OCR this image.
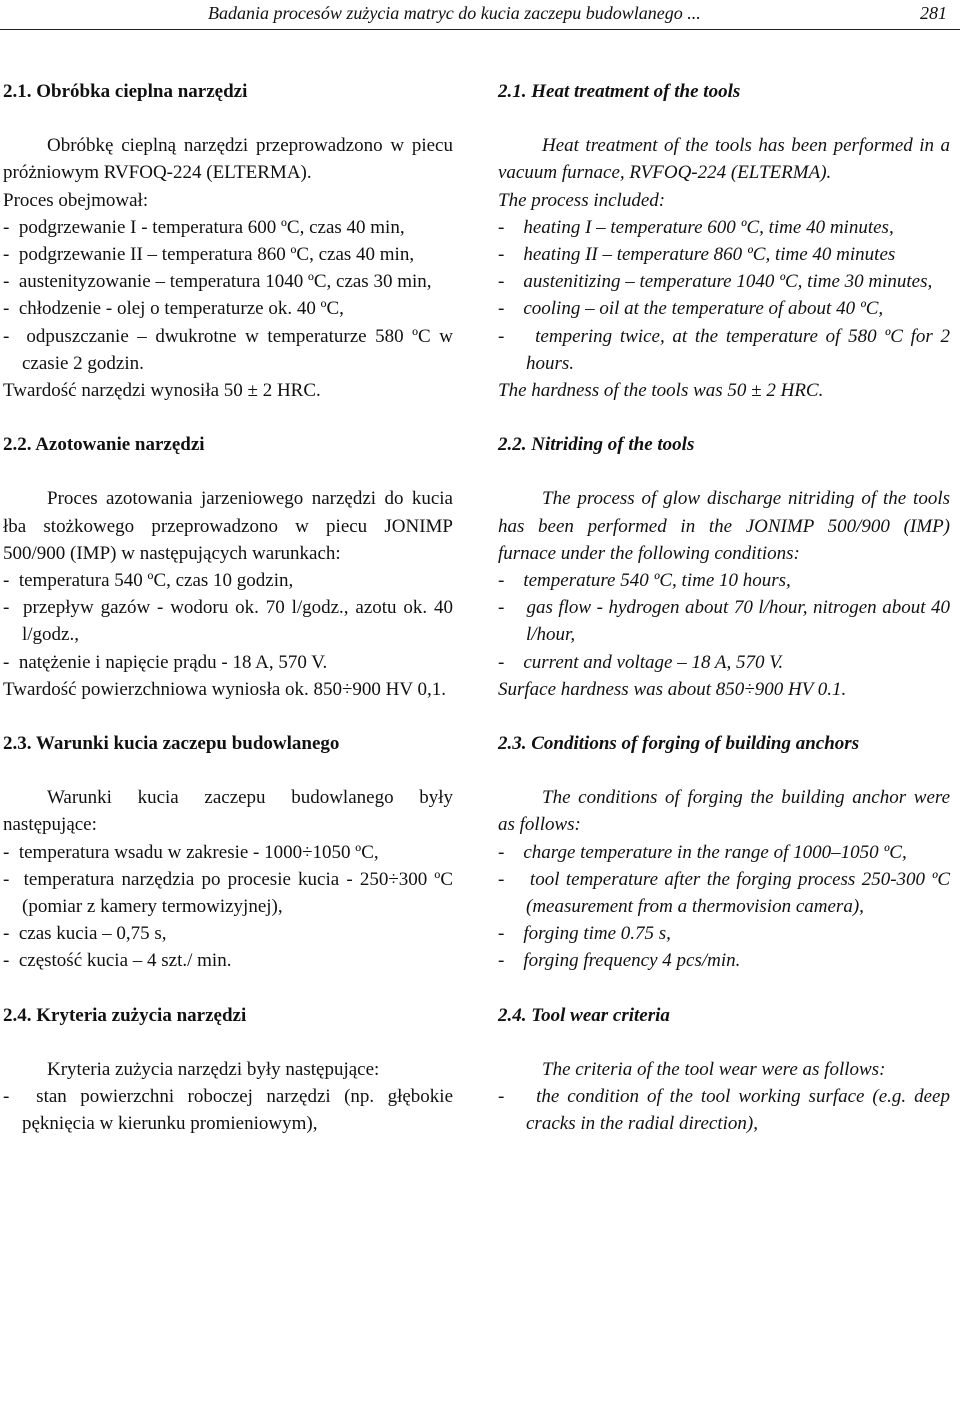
Badania procesów zużycia matryc do kucia zaczepu budowlanego ...	281

2.1. Obróbka cieplna narzędzi

Obróbkę cieplną narzędzi przeprowadzono w piecu próżniowym RVFOQ-224 (ELTERMA).

Proces obejmował:

-  podgrzewanie I - temperatura 600 ºC, czas 40 min,
-  podgrzewanie II – temperatura 860 ºC, czas 40 min,
-  austenityzowanie – temperatura 1040 ºC, czas 30 min,
-  chłodzenie - olej o temperaturze ok. 40 ºC,
-  odpuszczanie – dwukrotne w temperaturze 580 ºC w czasie 2 godzin.

Twardość narzędzi wynosiła 50 ± 2 HRC.

2.2. Azotowanie narzędzi

Proces azotowania jarzeniowego narzędzi do kucia łba stożkowego przeprowadzono w piecu JONIMP 500/900 (IMP) w następujących warunkach:

-  temperatura 540 ºC, czas 10 godzin,
-  przepływ gazów - wodoru ok. 70 l/godz., azotu ok. 40 l/godz.,
-  natężenie i napięcie prądu - 18 A, 570 V.

Twardość powierzchniowa wyniosła ok. 850÷900 HV 0,1.

2.3. Warunki kucia zaczepu budowlanego

Warunki kucia zaczepu budowlanego były następujące:

-  temperatura wsadu w zakresie - 1000÷1050 ºC,
-  temperatura narzędzia po procesie kucia - 250÷300 ºC (pomiar z kamery termowizyjnej),
-  czas kucia – 0,75 s,
-  częstość kucia – 4 szt./ min.

2.4. Kryteria zużycia narzędzi

Kryteria zużycia narzędzi były następujące:

-  stan powierzchni roboczej narzędzi (np. głębokie pęknięcia w kierunku promieniowym),

2.1. Heat treatment of the tools

Heat treatment of the tools has been performed in a vacuum furnace, RVFOQ-224 (ELTERMA).

The process included:

-    heating I – temperature 600 ºC, time 40 minutes,
-    heating II – temperature 860 ºC, time 40 minutes
-    austenitizing – temperature 1040 ºC, time 30 minutes,
-    cooling – oil at the temperature of about 40 ºC,
-    tempering twice, at the temperature of 580 ºC for 2 hours.

The hardness of the tools was 50 ± 2 HRC.

2.2. Nitriding of the tools

The process of glow discharge nitriding of the tools has been performed in the JONIMP 500/900 (IMP) furnace under the following conditions:

-    temperature 540 ºC, time 10 hours,
-    gas flow - hydrogen about 70 l/hour, nitrogen about 40 l/hour,
-    current and voltage – 18 A, 570 V.

Surface hardness was about 850÷900 HV 0.1.

2.3. Conditions of forging of building anchors

The conditions of forging the building anchor were as follows:

-    charge temperature in the range of 1000–1050 ºC,
-    tool temperature after the forging process 250-300 ºC (measurement from a thermovision camera),
-    forging time 0.75 s,
-    forging frequency 4 pcs/min.

2.4. Tool wear criteria

The criteria of the tool wear were as follows:

-    the condition of the tool working surface (e.g. deep cracks in the radial direction),
